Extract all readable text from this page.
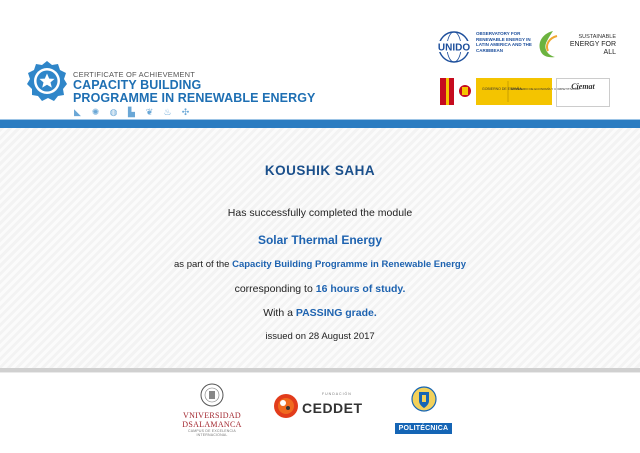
CERTIFICATE OF ACHIEVEMENT
CAPACITY BUILDING
PROGRAMME IN RENEWABLE ENERGY
◣ ✺ ◍ ▙ ❦ ♨ ✣
UNIDO
OBSERVATORY FOR RENEWABLE ENERGY IN LATIN AMERICA AND THE CARIBBEAN
SUSTAINABLE
ENERGY FOR ALL
GOBIERNO DE ESPAÑA
MINISTERIO DE ECONOMÍA Y COMPETITIVIDAD
Ciemat
KOUSHIK SAHA
Has successfully completed the module
Solar Thermal Energy
as part of the Capacity Building Programme in Renewable Energy
corresponding to 16 hours of study.
With a PASSING grade.
issued on 28 August 2017
VNIVERSIDAD
DSALAMANCA
CAMPUS DE EXCELENCIA INTERNACIONAL
FUNDACIÓN
CEDDET
POLITÉCNICA
